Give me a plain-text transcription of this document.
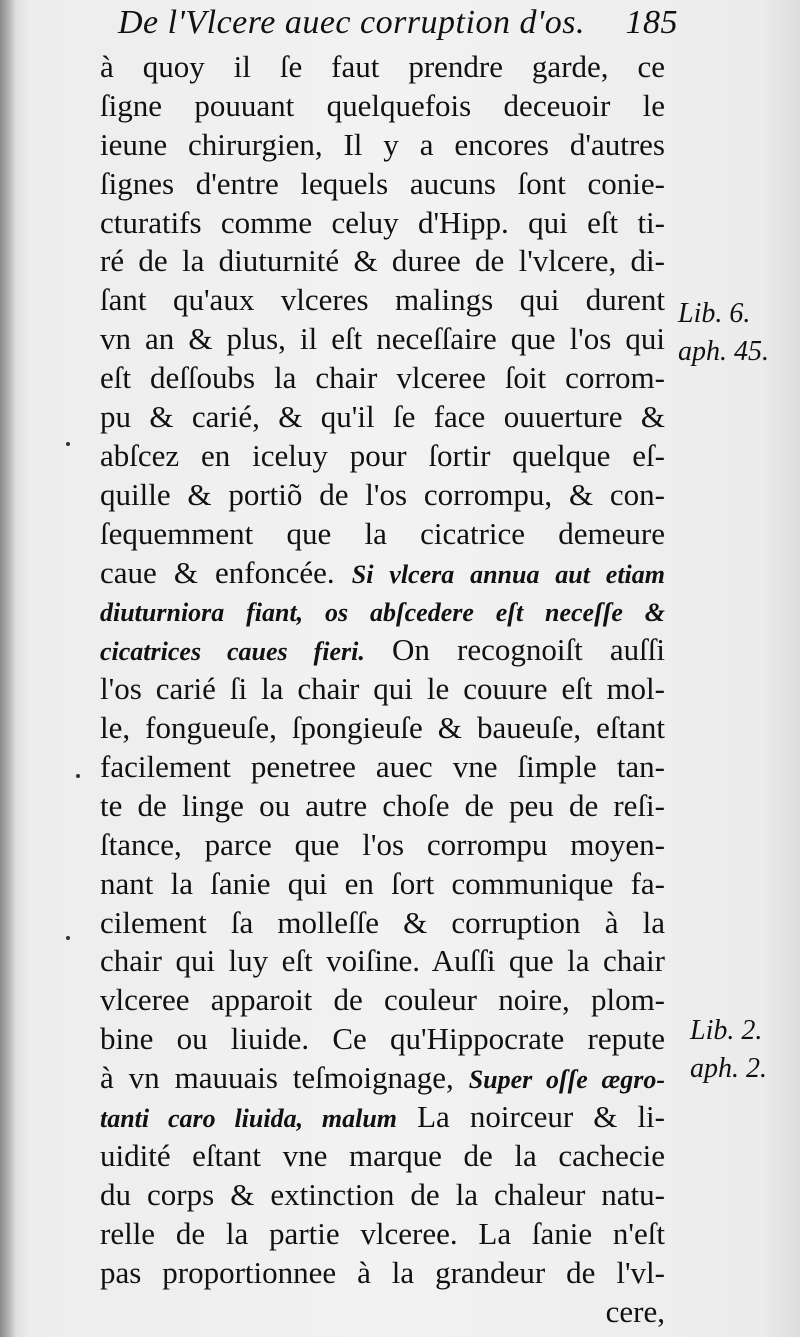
De l'Vlcere auec corruption d'os. 185
à quoy il ſe faut prendre garde, ce
ſigne pouuant quelquefois deceuoir le
ieune chirurgien, Il y a encores d'autres
ſignes d'entre lequels aucuns ſont conie-
cturatifs comme celuy d'Hipp. qui eſt ti-
ré de la diuturnité & duree de l'vlcere, di-
ſant qu'aux vlceres malings qui durent
vn an & plus, il eſt neceſſaire que l'os qui
eſt deſſoubs la chair vlceree ſoit corrom-
pu & carié, & qu'il ſe face ouuerture &
abſcez en iceluy pour ſortir quelque eſ-
quille & portiõ de l'os corrompu, & con-
ſequemment que la cicatrice demeure
caue & enfoncée. Si vlcera annua aut etiam
diuturniora fiant, os abſcedere eſt neceſſe &
cicatrices caues fieri. On recognoiſt auſſi
l'os carié ſi la chair qui le couure eſt mol-
le, fongueuſe, ſpongieuſe & baueuſe, eſtant
facilement penetree auec vne ſimple tan-
te de linge ou autre choſe de peu de reſi-
ſtance, parce que l'os corrompu moyen-
nant la ſanie qui en ſort communique fa-
cilement ſa molleſſe & corruption à la
chair qui luy eſt voiſine. Auſſi que la chair
vlceree apparoit de couleur noire, plom-
bine ou liuide. Ce qu'Hippocrate repute
à vn mauuais teſmoignage, Super oſſe ægro-
tanti caro liuida, malum La noirceur & li-
uidité eſtant vne marque de la cachecie
du corps & extinction de la chaleur natu-
relle de la partie vlceree. La ſanie n'eſt
pas proportionnee à la grandeur de l'vl-
cere,
Lib. 6.
aph. 45.
Lib. 2.
aph. 2.
